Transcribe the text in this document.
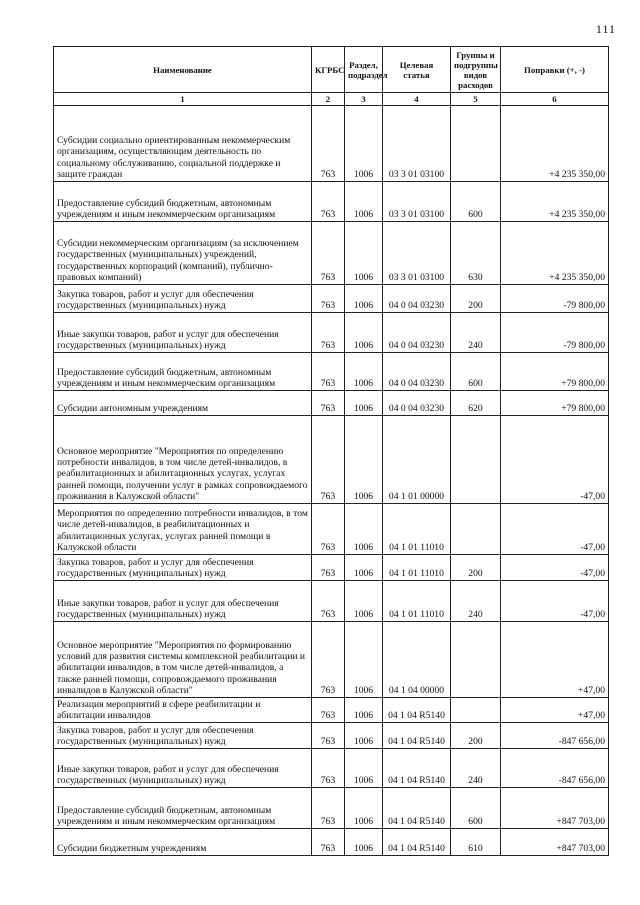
111
Наименование	КГРБС	Раздел, подраздел	Целевая статья	Группы и подгруппы видов расходов	Поправки (+, -)
1	2	3	4	5	6
Субсидии социально ориентированным некоммерческим организациям, осуществляющим деятельность по социальному обслуживанию, социальной поддержке и защите граждан	763	1006	03 3 01 03100		+4 235 350,00
Предоставление субсидий бюджетным, автономным учреждениям и иным некоммерческим организациям	763	1006	03 3 01 03100	600	+4 235 350,00
Субсидии некоммерческим организациям (за исключением государственных (муниципальных) учреждений, государственных корпораций (компаний), публично-правовых компаний)	763	1006	03 3 01 03100	630	+4 235 350,00
Закупка товаров, работ и услуг для обеспечения государственных (муниципальных) нужд	763	1006	04 0 04 03230	200	-79 800,00
Иные закупки товаров, работ и услуг для обеспечения государственных (муниципальных) нужд	763	1006	04 0 04 03230	240	-79 800,00
Предоставление субсидий бюджетным, автономным учреждениям и иным некоммерческим организациям	763	1006	04 0 04 03230	600	+79 800,00
Субсидии автономным учреждениям	763	1006	04 0 04 03230	620	+79 800,00
Основное мероприятие "Мероприятия по определению потребности инвалидов, в том числе детей-инвалидов, в реабилитационных и абилитационных услугах, услугах ранней помощи, получении услуг в рамках сопровождаемого проживания в Калужской области"	763	1006	04 1 01 00000		-47,00
Мероприятия по определению потребности инвалидов, в том числе детей-инвалидов, в реабилитационных и абилитационных услугах, услугах ранней помощи в Калужской области	763	1006	04 1 01 11010		-47,00
Закупка товаров, работ и услуг для обеспечения государственных (муниципальных) нужд	763	1006	04 1 01 11010	200	-47,00
Иные закупки товаров, работ и услуг для обеспечения государственных (муниципальных) нужд	763	1006	04 1 01 11010	240	-47,00
Основное мероприятие "Мероприятия по формированию условий для развития системы комплексной реабилитации и абилитации инвалидов, в том числе детей-инвалидов, а также ранней помощи, сопровождаемого проживания инвалидов в Калужской области"	763	1006	04 1 04 00000		+47,00
Реализация мероприятий в сфере реабилитации и абилитации инвалидов	763	1006	04 1 04 R5140		+47,00
Закупка товаров, работ и услуг для обеспечения государственных (муниципальных) нужд	763	1006	04 1 04 R5140	200	-847 656,00
Иные закупки товаров, работ и услуг для обеспечения государственных (муниципальных) нужд	763	1006	04 1 04 R5140	240	-847 656,00
Предоставление субсидий бюджетным, автономным учреждениям и иным некоммерческим организациям	763	1006	04 1 04 R5140	600	+847 703,00
Субсидии бюджетным учреждениям	763	1006	04 1 04 R5140	610	+847 703,00
